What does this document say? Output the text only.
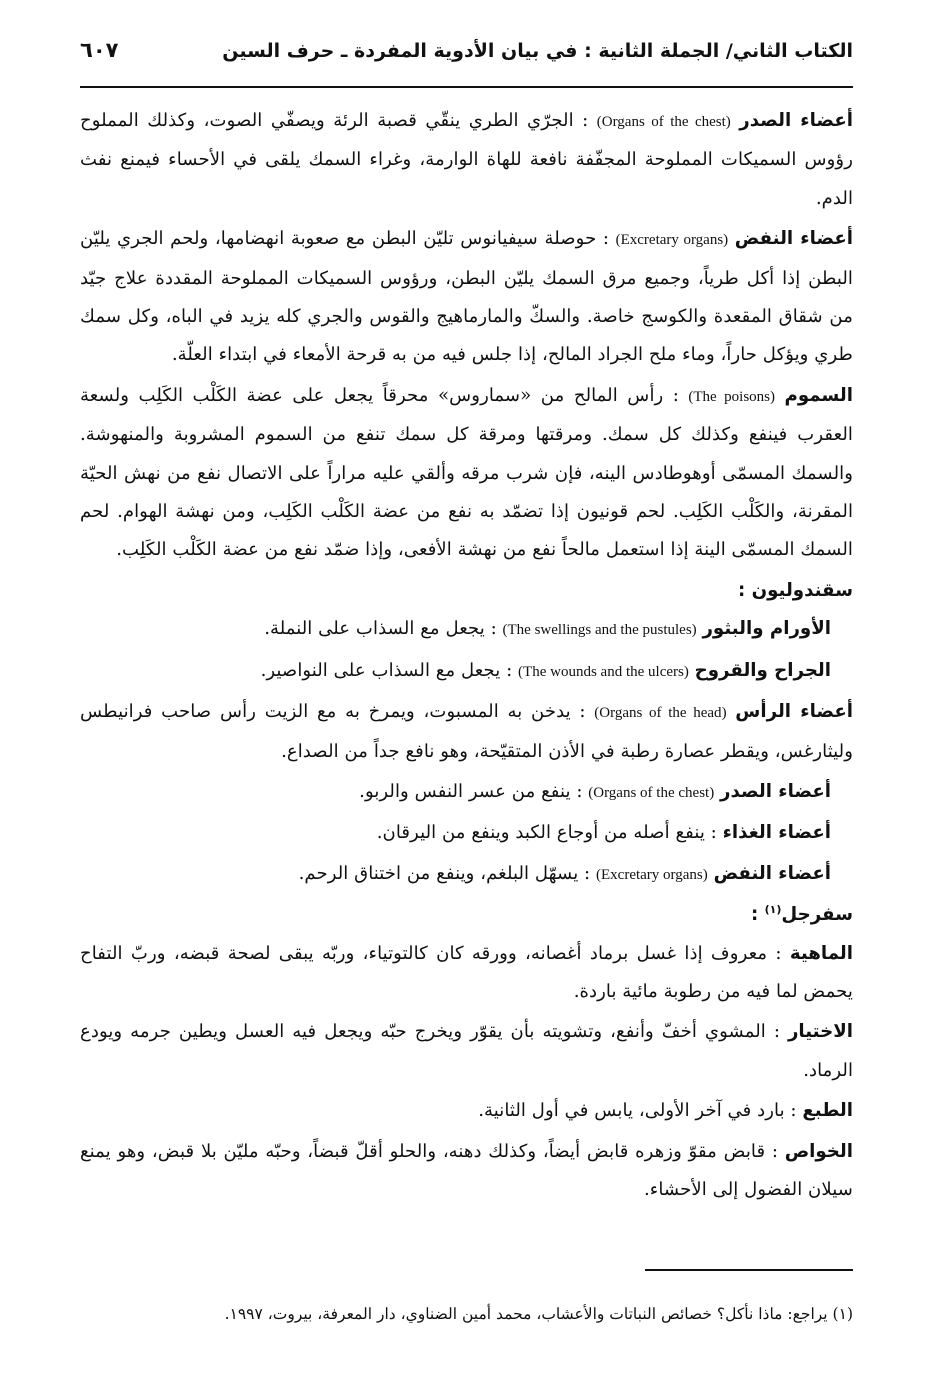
الكتاب الثاني/ الجملة الثانية : في بيان الأدوية المفردة ـ حرف السين
٦٠٧

أعضاء الصدر (Organs of the chest) : الجرّي الطري ينقّي قصبة الرئة ويصفّي الصوت، وكذلك المملوح رؤوس السميكات المملوحة المجفّفة نافعة للهاة الوارمة، وغراء السمك يلقى في الأحساء فيمنع نفث الدم.

أعضاء النفض (Excretary organs) : حوصلة سيفيانوس تليّن البطن مع صعوبة انهضامها، ولحم الجري يليّن البطن إذا أكل طرياً، وجميع مرق السمك يليّن البطن، ورؤوس السميكات المملوحة المقددة علاج جيّد من شقاق المقعدة والكوسج خاصة. والسكّ والمارماهيج والقوس والجري كله يزيد في الباه، وكل سمك طري ويؤكل حاراً، وماء ملح الجراد المالح، إذا جلس فيه من به قرحة الأمعاء في ابتداء العلّة.

السموم (The poisons) : رأس المالح من «سماروس» محرقاً يجعل على عضة الكَلْب الكَلِب ولسعة العقرب فينفع وكذلك كل سمك. ومرقتها ومرقة كل سمك تنفع من السموم المشروبة والمنهوشة. والسمك المسمّى أوهوطادس الينه، فإن شرب مرقه وألقي عليه مراراً على الاتصال نفع من نهش الحيّة المقرنة، والكَلْب الكَلِب. لحم قونيون إذا تضمّد به نفع من عضة الكَلْب الكَلِب، ومن نهشة الهوام. لحم السمك المسمّى الينة إذا استعمل مالحاً نفع من نهشة الأفعى، وإذا ضمّد نفع من عضة الكَلْب الكَلِب.

سقندوليون :

الأورام والبثور (The swellings and the pustules) : يجعل مع السذاب على النملة.

الجراح والقروح (The wounds and the ulcers) : يجعل مع السذاب على النواصير.

أعضاء الرأس (Organs of the head) : يدخن به المسبوت، ويمرخ به مع الزيت رأس صاحب فرانيطس وليثارغس، ويقطر عصارة رطبة في الأذن المتقيّحة، وهو نافع جداً من الصداع.

أعضاء الصدر (Organs of the chest) : ينفع من عسر النفس والربو.

أعضاء الغذاء : ينفع أصله من أوجاع الكبد وينفع من اليرقان.

أعضاء النفض (Excretary organs) : يسهّل البلغم، وينفع من اختناق الرحم.

سفرجل$^{(١)}$ :

الماهية : معروف إذا غسل برماد أغصانه، وورقه كان كالتوتياء، وربّه يبقى لصحة قبضه، وربّ التفاح يحمض لما فيه من رطوبة مائية باردة.

الاختيار : المشوي أخفّ وأنفع، وتشويته بأن يقوّر ويخرج حبّه ويجعل فيه العسل ويطين جرمه ويودع الرماد.

الطبع : بارد في آخر الأولى، يابس في أول الثانية.

الخواص : قابض مقوّ وزهره قابض أيضاً، وكذلك دهنه، والحلو أقلّ قبضاً، وحبّه مليّن بلا قبض، وهو يمنع سيلان الفضول إلى الأحشاء.

(١) يراجع: ماذا نأكل؟ خصائص النباتات والأعشاب، محمد أمين الضناوي، دار المعرفة، بيروت، ١٩٩٧.
